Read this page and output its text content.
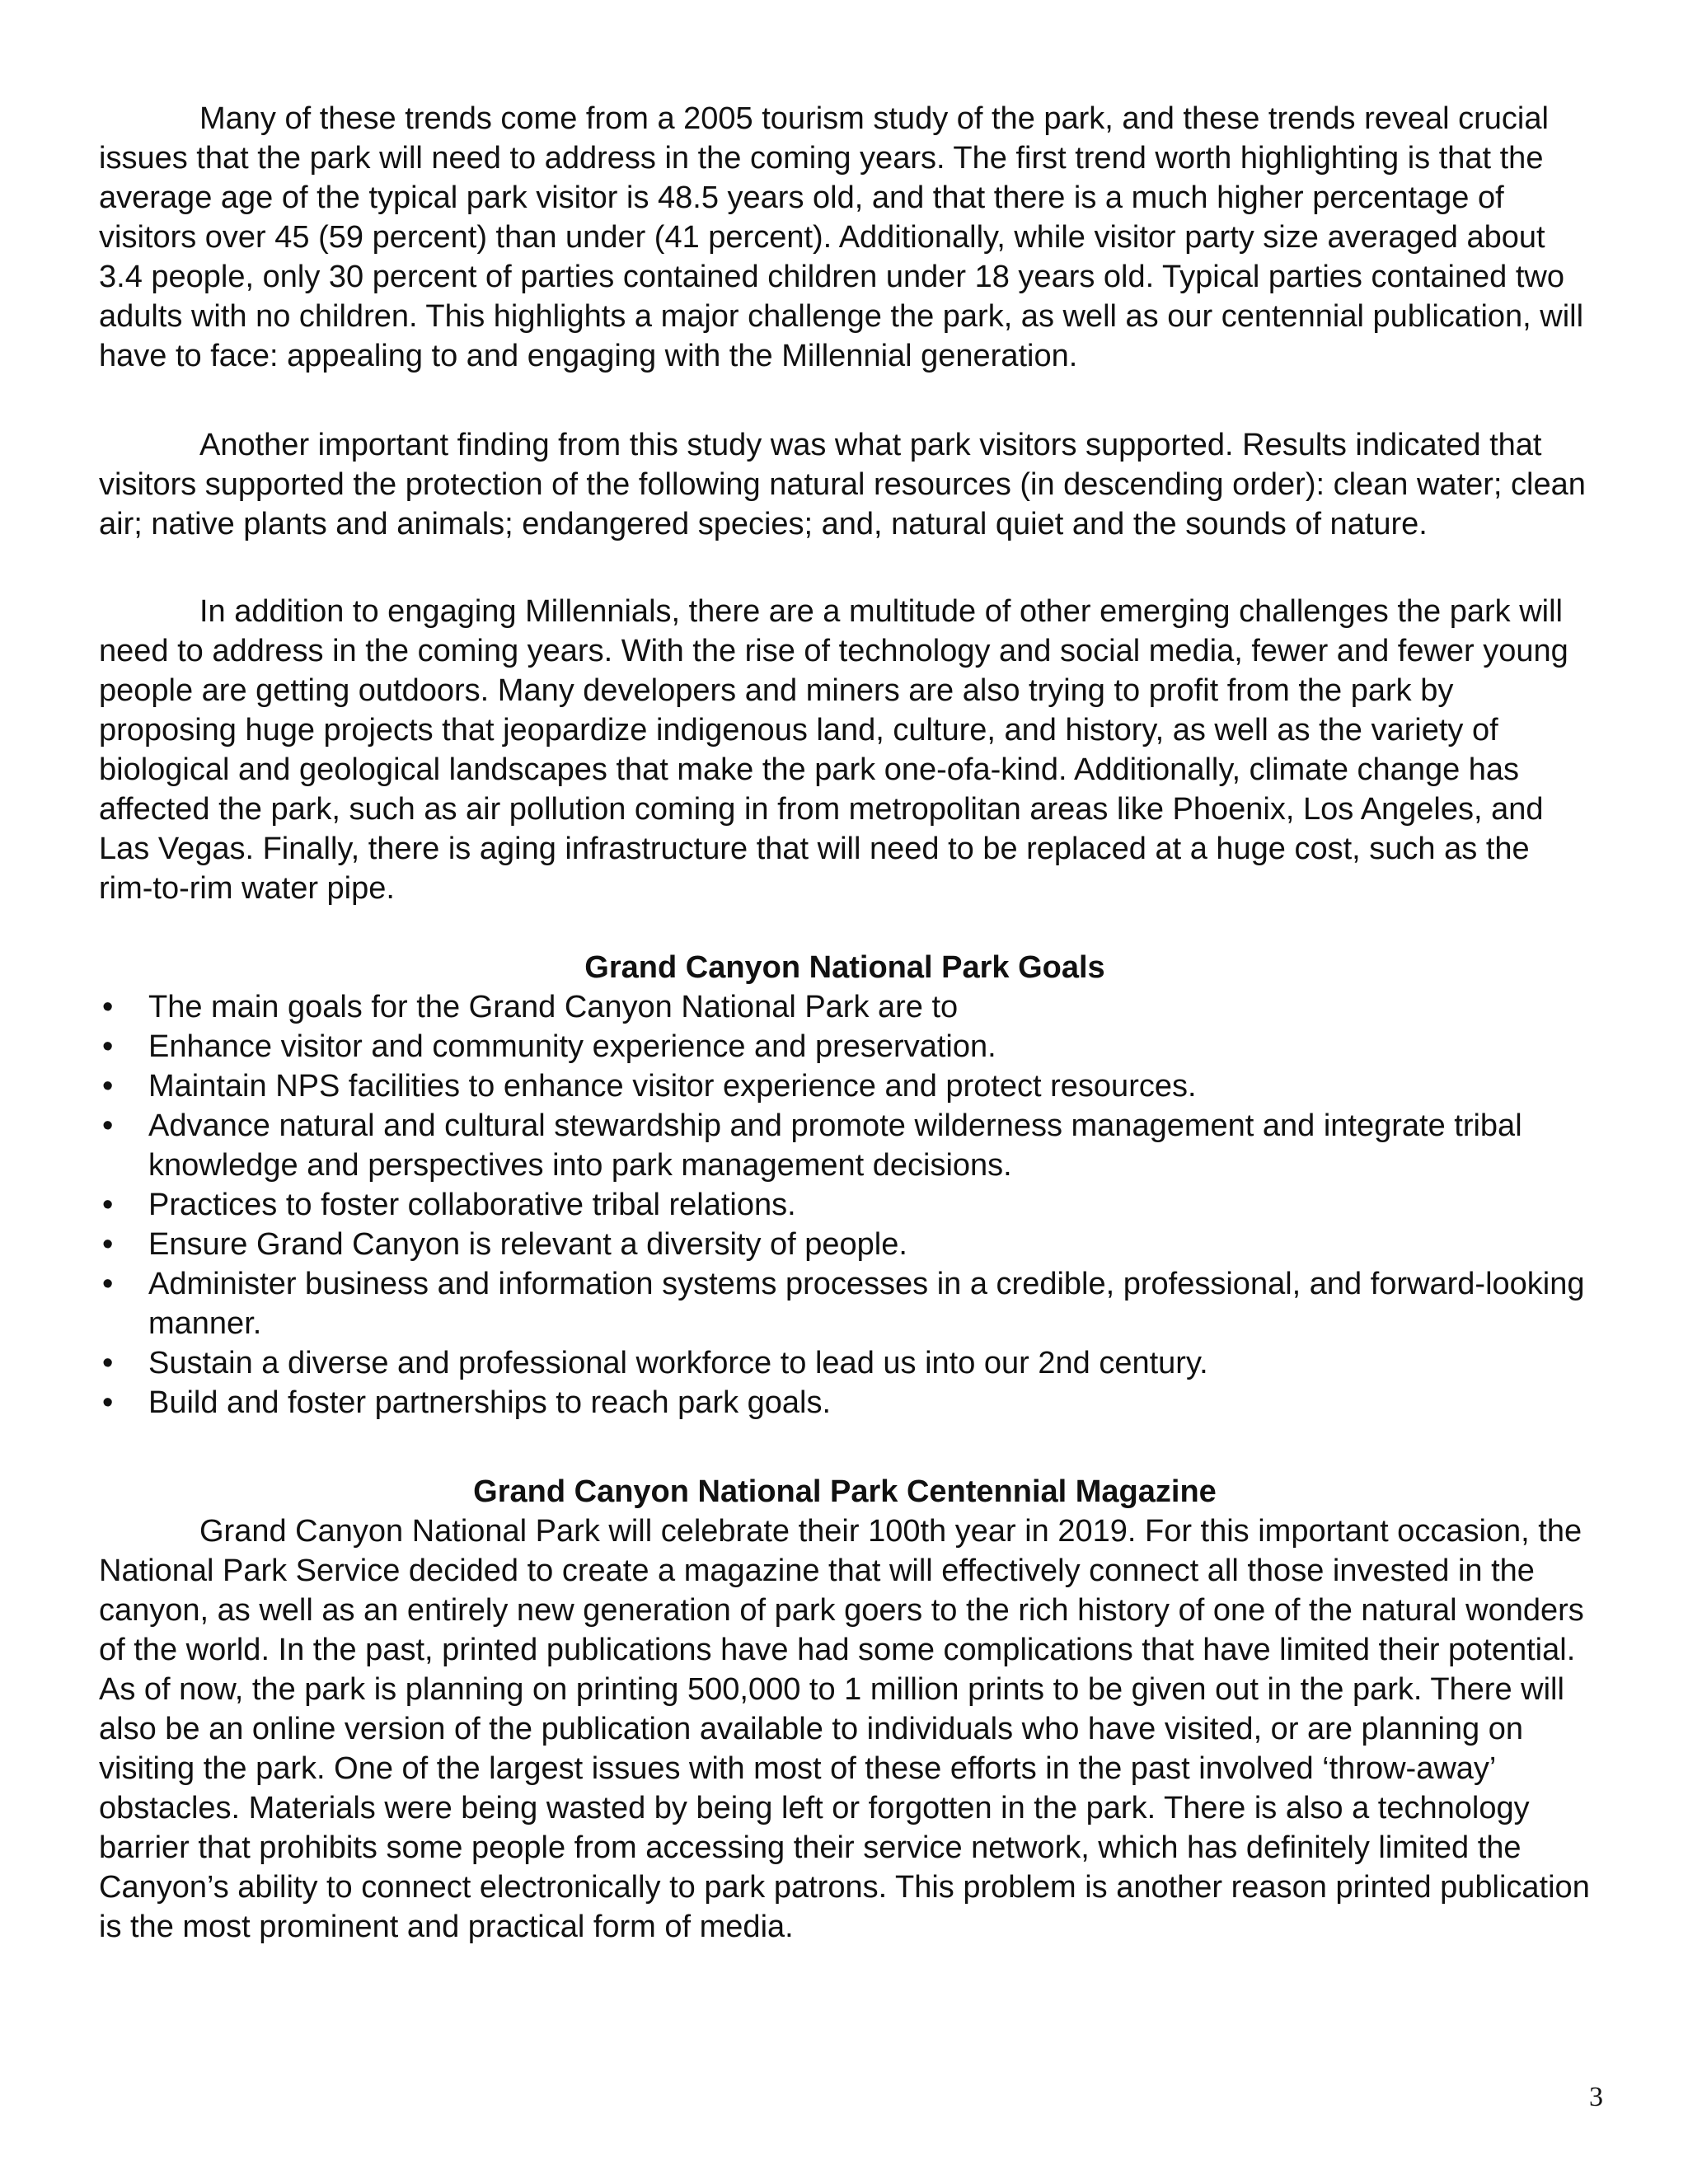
Many of these trends come from a 2005 tourism study of the park, and these trends reveal crucial issues that the park will need to address in the coming years. The first trend worth highlighting is that the average age of the typical park visitor is 48.5 years old, and that there is a much higher percentage of visitors over 45 (59 percent) than under (41 percent). Additionally, while visitor party size averaged about 3.4 people, only 30 percent of parties contained children under 18 years old. Typical parties contained two adults with no children. This highlights a major challenge the park, as well as our centennial publication, will have to face: appealing to and engaging with the Millennial generation.

Another important finding from this study was what park visitors supported. Results indicated that visitors supported the protection of the following natural resources (in descending order): clean water; clean air; native plants and animals; endangered species; and, natural quiet and the sounds of nature.

In addition to engaging Millennials, there are a multitude of other emerging challenges the park will need to address in the coming years. With the rise of technology and social media, fewer and fewer young people are getting outdoors. Many developers and miners are also trying to profit from the park by proposing huge projects that jeopardize indigenous land, culture, and history, as well as the variety of biological and geological landscapes that make the park one-ofa-kind. Additionally, climate change has affected the park, such as air pollution coming in from metropolitan areas like Phoenix, Los Angeles, and Las Vegas. Finally, there is aging infrastructure that will need to be replaced at a huge cost, such as the rim-to-rim water pipe.

Grand Canyon National Park Goals
• The main goals for the Grand Canyon National Park are to
• Enhance visitor and community experience and preservation.
• Maintain NPS facilities to enhance visitor experience and protect resources.
• Advance natural and cultural stewardship and promote wilderness management and integrate tribal knowledge and perspectives into park management decisions.
• Practices to foster collaborative tribal relations.
• Ensure Grand Canyon is relevant a diversity of people.
• Administer business and information systems processes in a credible, professional, and forward-looking manner.
• Sustain a diverse and professional workforce to lead us into our 2nd century.
• Build and foster partnerships to reach park goals.
Grand Canyon National Park Centennial Magazine

Grand Canyon National Park will celebrate their 100th year in 2019. For this important occasion, the National Park Service decided to create a magazine that will effectively connect all those invested in the canyon, as well as an entirely new generation of park goers to the rich history of one of the natural wonders of the world. In the past, printed publications have had some complications that have limited their potential. As of now, the park is planning on printing 500,000 to 1 million prints to be given out in the park. There will also be an online version of the publication available to individuals who have visited, or are planning on visiting the park. One of the largest issues with most of these efforts in the past involved ‘throw-away’ obstacles. Materials were being wasted by being left or forgotten in the park. There is also a technology barrier that prohibits some people from accessing their service network, which has definitely limited the Canyon’s ability to connect electronically to park patrons. This problem is another reason printed publication is the most prominent and practical form of media.

3
